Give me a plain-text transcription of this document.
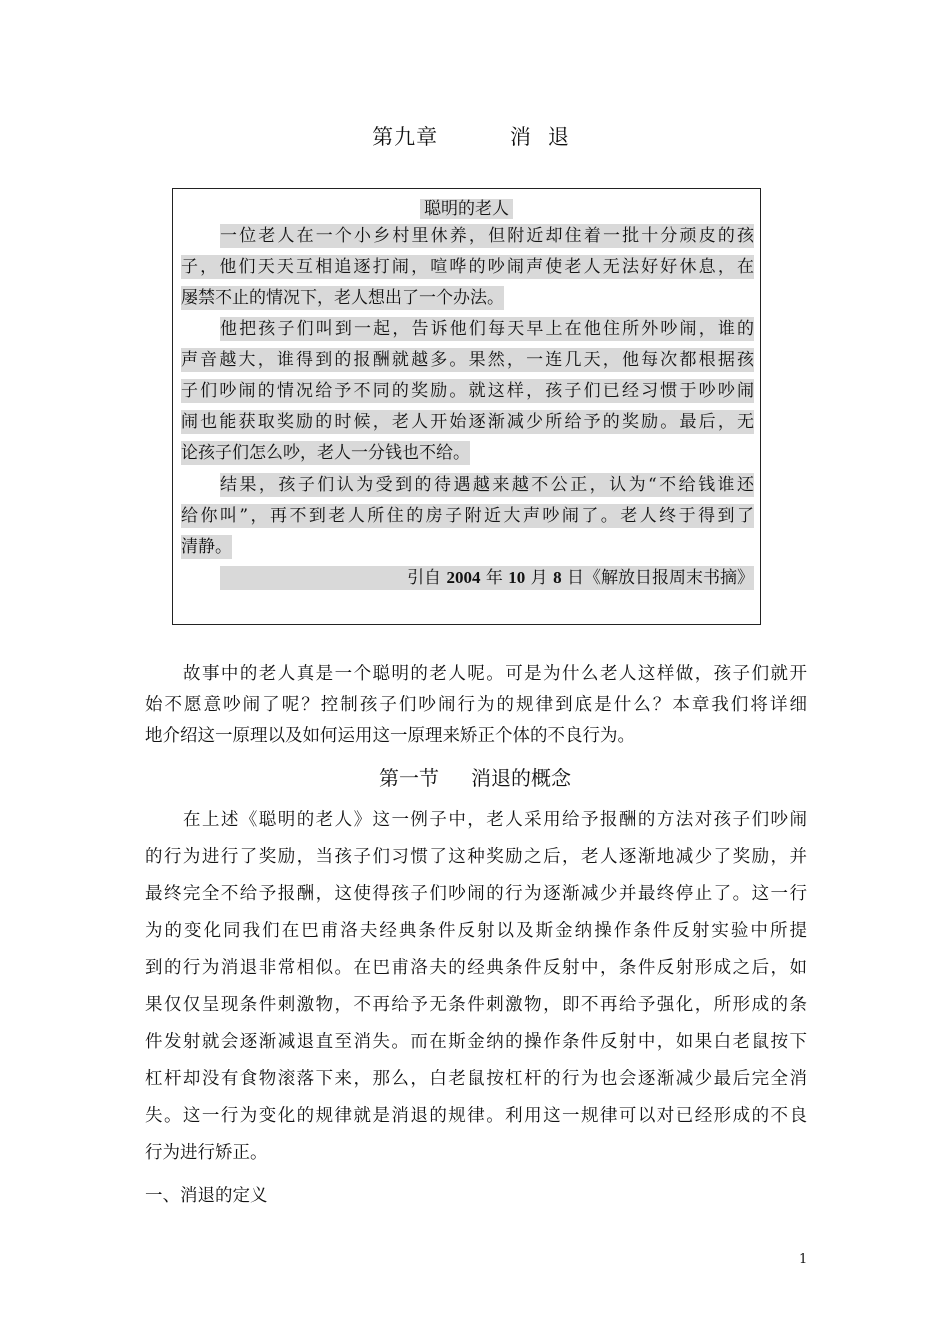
第九章	消 退
聪明的老人
一位老人在一个小乡村里休养，但附近却住着一批十分顽皮的孩
子，他们天天互相追逐打闹，喧哗的吵闹声使老人无法好好休息，在
屡禁不止的情况下，老人想出了一个办法。
他把孩子们叫到一起，告诉他们每天早上在他住所外吵闹，谁的
声音越大，谁得到的报酬就越多。果然，一连几天，他每次都根据孩
子们吵闹的情况给予不同的奖励。就这样，孩子们已经习惯于吵吵闹
闹也能获取奖励的时候，老人开始逐渐减少所给予的奖励。最后，无
论孩子们怎么吵，老人一分钱也不给。
结果，孩子们认为受到的待遇越来越不公正，认为“不给钱谁还
给你叫”，再不到老人所住的房子附近大声吵闹了。老人终于得到了
清静。
引自 2004 年 10 月 8 日《解放日报周末书摘》
故事中的老人真是一个聪明的老人呢。可是为什么老人这样做，孩子们就开
始不愿意吵闹了呢？控制孩子们吵闹行为的规律到底是什么？本章我们将详细
地介绍这一原理以及如何运用这一原理来矫正个体的不良行为。
第一节 消退的概念
在上述《聪明的老人》这一例子中，老人采用给予报酬的方法对孩子们吵闹
的行为进行了奖励，当孩子们习惯了这种奖励之后，老人逐渐地减少了奖励，并
最终完全不给予报酬，这使得孩子们吵闹的行为逐渐减少并最终停止了。这一行
为的变化同我们在巴甫洛夫经典条件反射以及斯金纳操作条件反射实验中所提
到的行为消退非常相似。在巴甫洛夫的经典条件反射中，条件反射形成之后，如
果仅仅呈现条件刺激物，不再给予无条件刺激物，即不再给予强化，所形成的条
件发射就会逐渐减退直至消失。而在斯金纳的操作条件反射中，如果白老鼠按下
杠杆却没有食物滚落下来，那么，白老鼠按杠杆的行为也会逐渐减少最后完全消
失。这一行为变化的规律就是消退的规律。利用这一规律可以对已经形成的不良
行为进行矫正。
一、消退的定义
1
